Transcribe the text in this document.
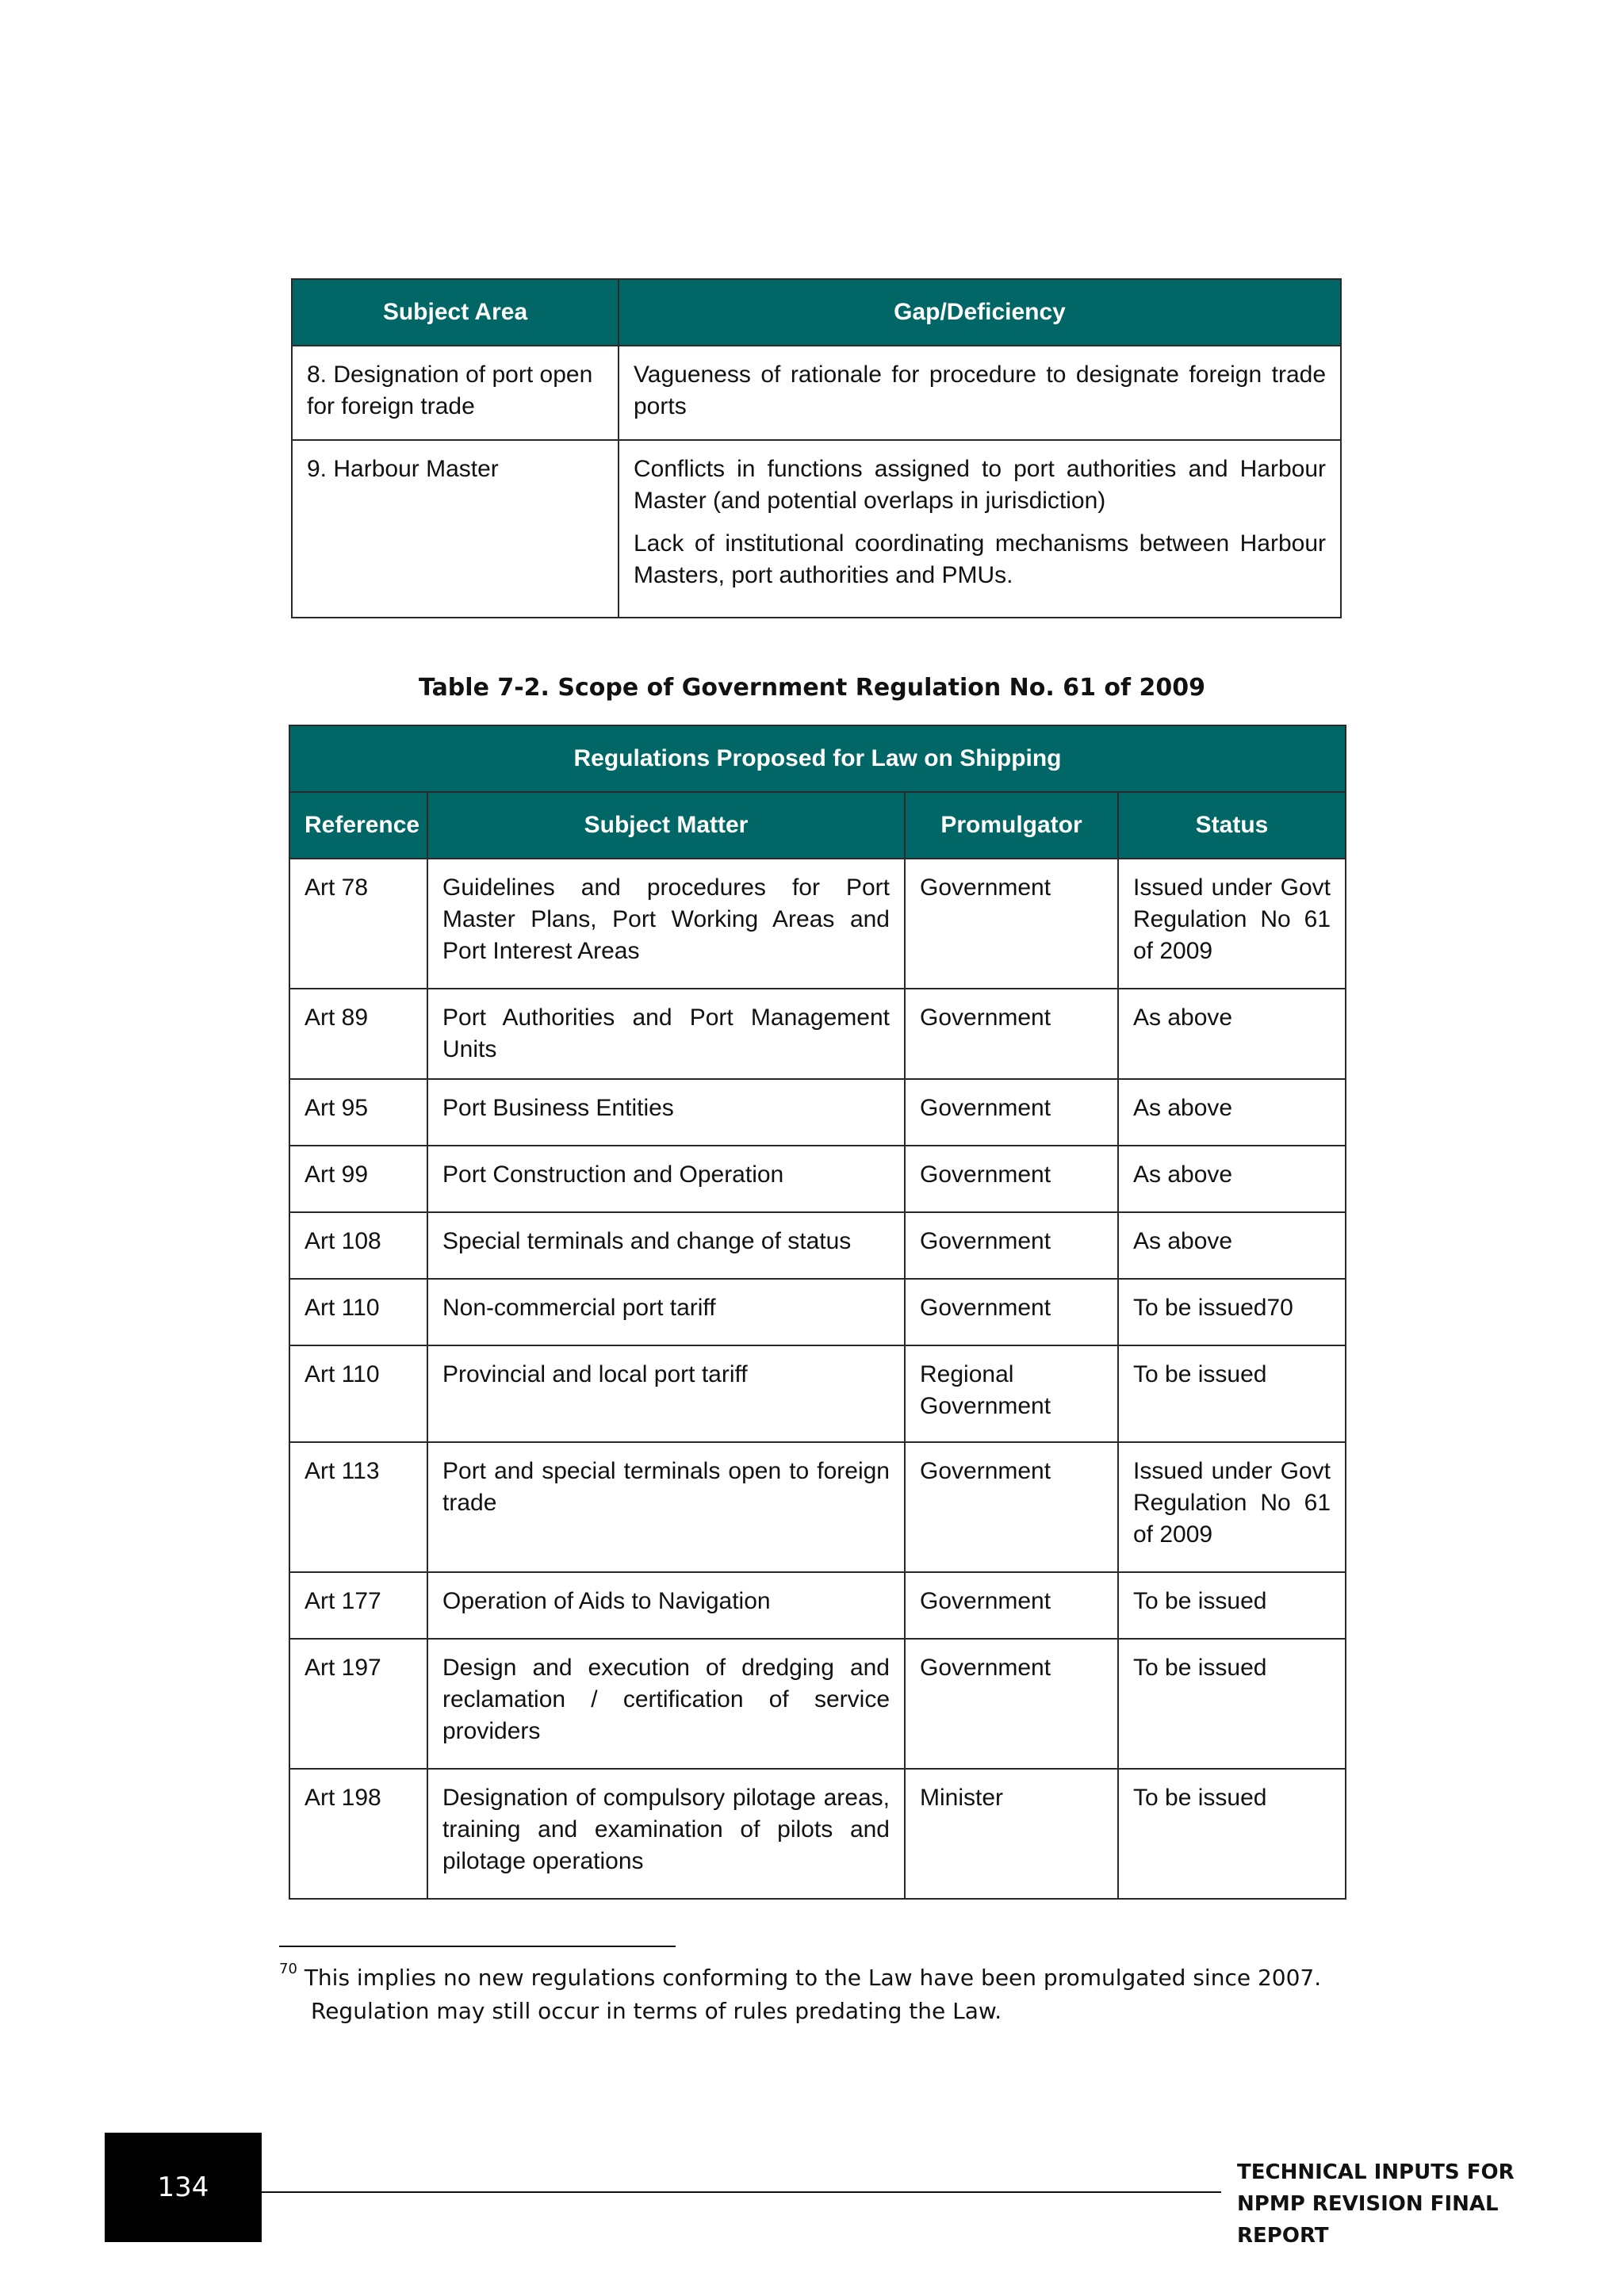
Subject Area	Gap/Deficiency
8. Designation of port open for foreign trade	Vagueness of rationale for procedure to designate foreign trade ports

9. Harbour Master	Conflicts in functions assigned to port authorities and Harbour Master (and potential overlaps in jurisdiction)

Lack of institutional coordinating mechanisms between Harbour Masters, port authorities and PMUs.

Table 7-2. Scope of Government Regulation No. 61 of 2009
Regulations Proposed for Law on Shipping			
Reference	Subject Matter	Promulgator	Status
Art 78	Guidelines and procedures for Port Master Plans, Port Working Areas and Port Interest Areas	Government	Issued under Govt Regulation No 61 of 2009
Art 89	Port Authorities and Port Management Units	Government	As above
Art 95	Port Business Entities	Government	As above
Art 99	Port Construction and Operation	Government	As above
Art 108	Special terminals and change of status	Government	As above
Art 110	Non-commercial port tariff	Government	To be issued70
Art 110	Provincial and local port tariff	Regional Government	To be issued
Art 113	Port and special terminals open to foreign trade	Government	Issued under Govt Regulation No 61 of 2009
Art 177	Operation of Aids to Navigation	Government	To be issued
Art 197	Design and execution of dredging and reclamation / certification of service providers	Government	To be issued
Art 198	Designation of compulsory pilotage areas, training and examination of pilots and pilotage operations	Minister	To be issued
$^{70}$ This implies no new regulations conforming to the Law have been promulgated since 2007.
Regulation may still occur in terms of rules predating the Law.
134	TECHNICAL INPUTS FOR
NPMP REVISION FINAL REPORT
